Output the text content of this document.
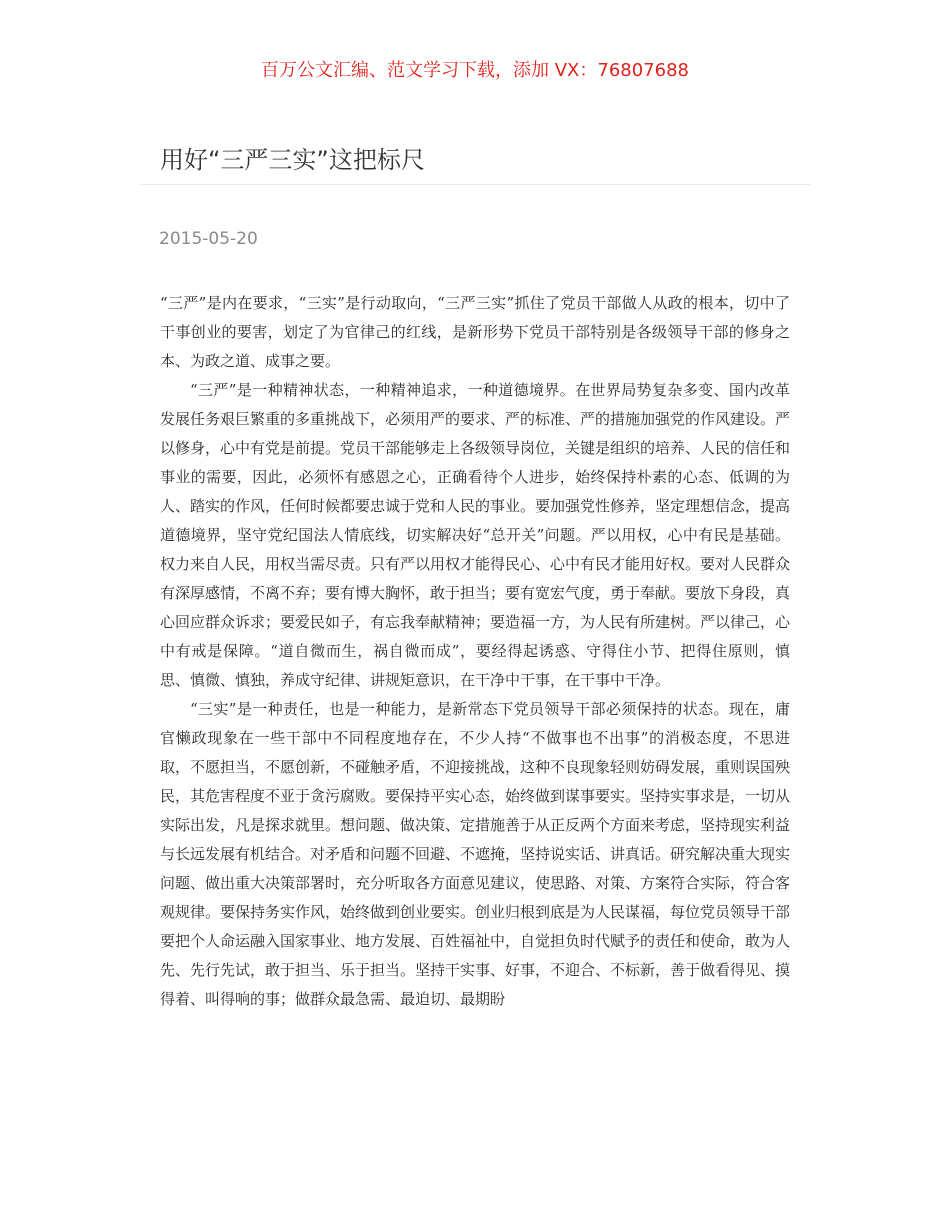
百万公文汇编、范文学习下载，添加 VX：76807688
用好“三严三实”这把标尺
2015-05-20

“三严”是内在要求，“三实”是行动取向，“三严三实”抓住了党员干部做人从政的根本，切中了干事创业的要害，划定了为官律己的红线，是新形势下党员干部特别是各级领导干部的修身之本、为政之道、成事之要。

“三严”是一种精神状态，一种精神追求，一种道德境界。在世界局势复杂多变、国内改革发展任务艰巨繁重的多重挑战下，必须用严的要求、严的标准、严的措施加强党的作风建设。严以修身，心中有党是前提。党员干部能够走上各级领导岗位，关键是组织的培养、人民的信任和事业的需要，因此，必须怀有感恩之心，正确看待个人进步，始终保持朴素的心态、低调的为人、踏实的作风，任何时候都要忠诚于党和人民的事业。要加强党性修养，坚定理想信念，提高道德境界，坚守党纪国法人情底线，切实解决好“总开关”问题。严以用权，心中有民是基础。权力来自人民，用权当需尽责。只有严以用权才能得民心、心中有民才能用好权。要对人民群众有深厚感情，不离不弃；要有博大胸怀，敢于担当；要有宽宏气度，勇于奉献。要放下身段，真心回应群众诉求；要爱民如子，有忘我奉献精神；要造福一方，为人民有所建树。严以律己，心中有戒是保障。“道自微而生，祸自微而成”，要经得起诱惑、守得住小节、把得住原则，慎思、慎微、慎独，养成守纪律、讲规矩意识，在干净中干事，在干事中干净。

“三实”是一种责任，也是一种能力，是新常态下党员领导干部必须保持的状态。现在，庸官懒政现象在一些干部中不同程度地存在，不少人持“不做事也不出事”的消极态度，不思进取，不愿担当，不愿创新，不碰触矛盾，不迎接挑战，这种不良现象轻则妨碍发展，重则误国殃民，其危害程度不亚于贪污腐败。要保持平实心态，始终做到谋事要实。坚持实事求是，一切从实际出发，凡是探求就里。想问题、做决策、定措施善于从正反两个方面来考虑，坚持现实利益与长远发展有机结合。对矛盾和问题不回避、不遮掩，坚持说实话、讲真话。研究解决重大现实问题、做出重大决策部署时，充分听取各方面意见建议，使思路、对策、方案符合实际，符合客观规律。要保持务实作风，始终做到创业要实。创业归根到底是为人民谋福，每位党员领导干部要把个人命运融入国家事业、地方发展、百姓福祉中，自觉担负时代赋予的责任和使命，敢为人先、先行先试，敢于担当、乐于担当。坚持干实事、好事，不迎合、不标新，善于做看得见、摸得着、叫得响的事；做群众最急需、最迫切、最期盼
